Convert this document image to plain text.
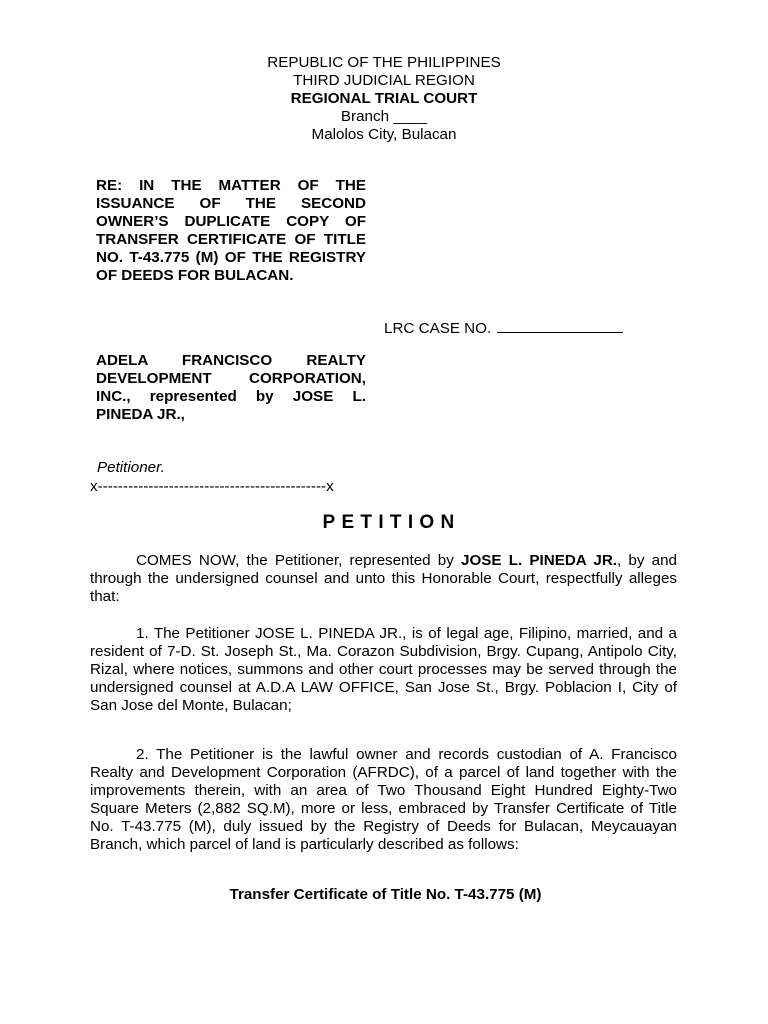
REPUBLIC OF THE PHILIPPINES
THIRD JUDICIAL REGION
REGIONAL TRIAL COURT
Branch ____
Malolos City, Bulacan
RE: IN THE MATTER OF THE ISSUANCE OF THE SECOND OWNER’S DUPLICATE COPY OF TRANSFER CERTIFICATE OF TITLE NO. T-43.775 (M) OF THE REGISTRY OF DEEDS FOR BULACAN.
LRC CASE NO.
ADELA FRANCISCO REALTY DEVELOPMENT CORPORATION, INC., represented by JOSE L. PINEDA JR.,
Petitioner.
x---------------------------------------------x
PETITION
COMES NOW, the Petitioner, represented by JOSE L. PINEDA JR., by and through the undersigned counsel and unto this Honorable Court, respectfully alleges that:
1. The Petitioner JOSE L. PINEDA JR., is of legal age, Filipino, married, and a resident of 7-D. St. Joseph St., Ma. Corazon Subdivision, Brgy. Cupang, Antipolo City, Rizal, where notices, summons and other court processes may be served through the undersigned counsel at A.D.A LAW OFFICE, San Jose St., Brgy. Poblacion I, City of San Jose del Monte, Bulacan;
2. The Petitioner is the lawful owner and records custodian of A. Francisco Realty and Development Corporation (AFRDC), of a parcel of land together with the improvements therein, with an area of Two Thousand Eight Hundred Eighty-Two Square Meters (2,882 SQ.M), more or less, embraced by Transfer Certificate of Title No. T-43.775 (M), duly issued by the Registry of Deeds for Bulacan, Meycauayan Branch, which parcel of land is particularly described as follows:
Transfer Certificate of Title No. T-43.775 (M)
